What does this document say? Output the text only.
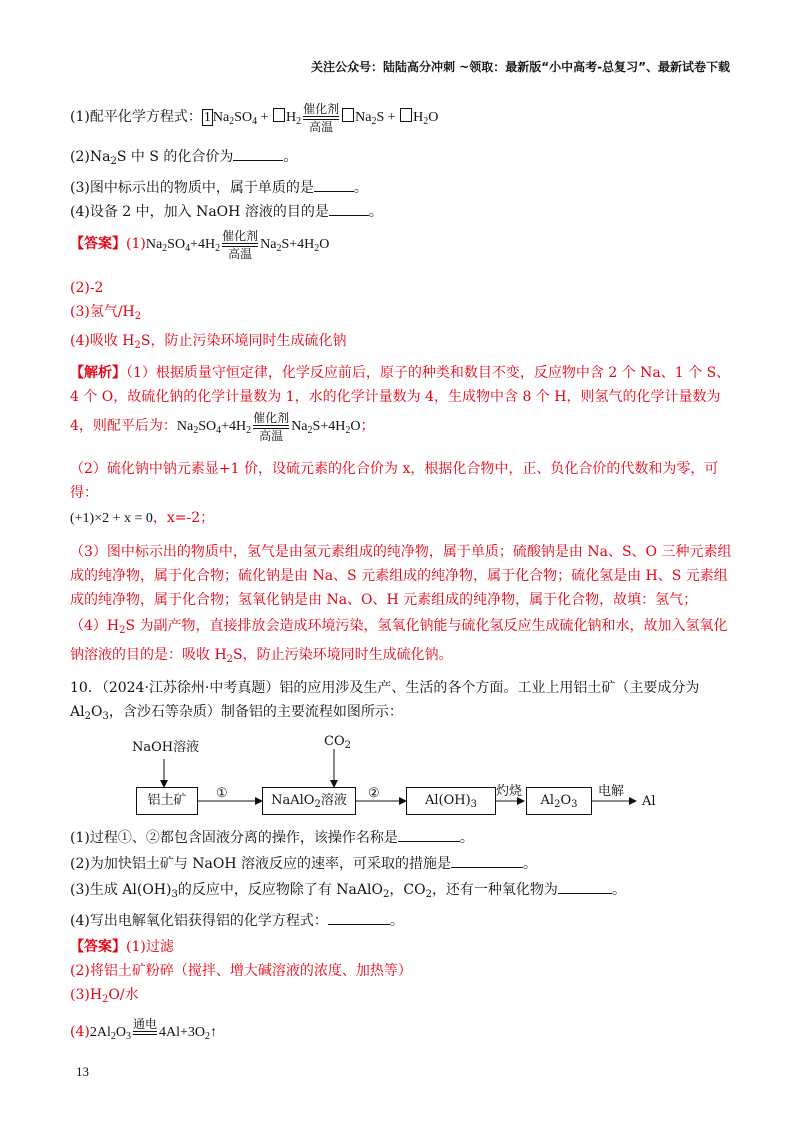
关注公众号：陆陆高分冲刺 ~领取：最新版“小中高考-总复习”、最新试卷下载
(1)配平化学方程式： 1 $Na_2SO_4 + H_2$
催化剂
高温
$Na_2S + H_2O$
$(2)Na_2S$ 中 S 的化合价为	。
(3)图中标示出的物质中，属于单质的是	。
(4)设备 2 中，加入 NaOH 溶液的目的是	。
【答案】$(1)Na_2SO_4+4H_2$
催化剂
高温
$Na_2S+4H_2O$
(2)-2
(3)氢气$/H_2$
(4)吸收 $H_2S$，防止污染环境同时生成硫化钠

【解析】（1）根据质量守恒定律，化学反应前后，原子的种类和数目不变，反应物中含 2 个 Na、1 个 S、4 个 O，故硫化钠的化学计量数为 1，水的化学计量数为 4，生成物中含 8 个 H，则氢气的化学计量数为

4，则配平后为：$Na_2SO_4+4H_2$
催化剂
高温
$Na_2S+4H_2O$；

（2）硫化钠中钠元素显+1 价，设硫元素的化合价为 x，根据化合物中，正、负化合价的代数和为零，可得：

(+1)×2 + x = 0，x=-2；

（3）图中标示出的物质中，氢气是由氢元素组成的纯净物，属于单质；硫酸钠是由 Na、S、O 三种元素组成的纯净物，属于化合物；硫化钠是由 Na、S 元素组成的纯净物，属于化合物；硫化氢是由 H、S 元素组成的纯净物，属于化合物；氢氧化钠是由 Na、O、H 元素组成的纯净物，属于化合物，故填：氢气；

$(4)H_2S$ 为副产物，直接排放会造成环境污染，氢氧化钠能与硫化氢反应生成硫化钠和水，故加入氢氧化钠溶液的目的是：吸收 $H_2S$，防止污染环境同时生成硫化钠。

10．（2024·江苏徐州·中考真题）铝的应用涉及生产、生活的各个方面。工业上用铝土矿（主要成分为 $Al_2O_3$，含沙石等杂质）制备铝的主要流程如图所示：

NaOH溶液	$CO_2$
铝土矿	①	NaAlO$_2$溶液	②	$Al(OH)_3$
灼烧
$Al_2O_3$
电解
Al
(1)过程①、②都包含固液分离的操作，该操作名称是	。
(2)为加快铝土矿与 NaOH 溶液反应的速率，可采取的措施是	。
(3)生成 $Al(OH)_3$的反应中，反应物除了有 NaAlO$_2$，$CO_2$，还有一种氧化物为	。
(4)写出电解氧化铝获得铝的化学方程式：	。
【答案】(1)过滤
(2)将铝土矿粉碎（搅拌、增大碱溶液的浓度、加热等）
$(3)H_2O/$水
$(4)2Al_2O_3$
通电

$4Al+3O_2↑$
13
